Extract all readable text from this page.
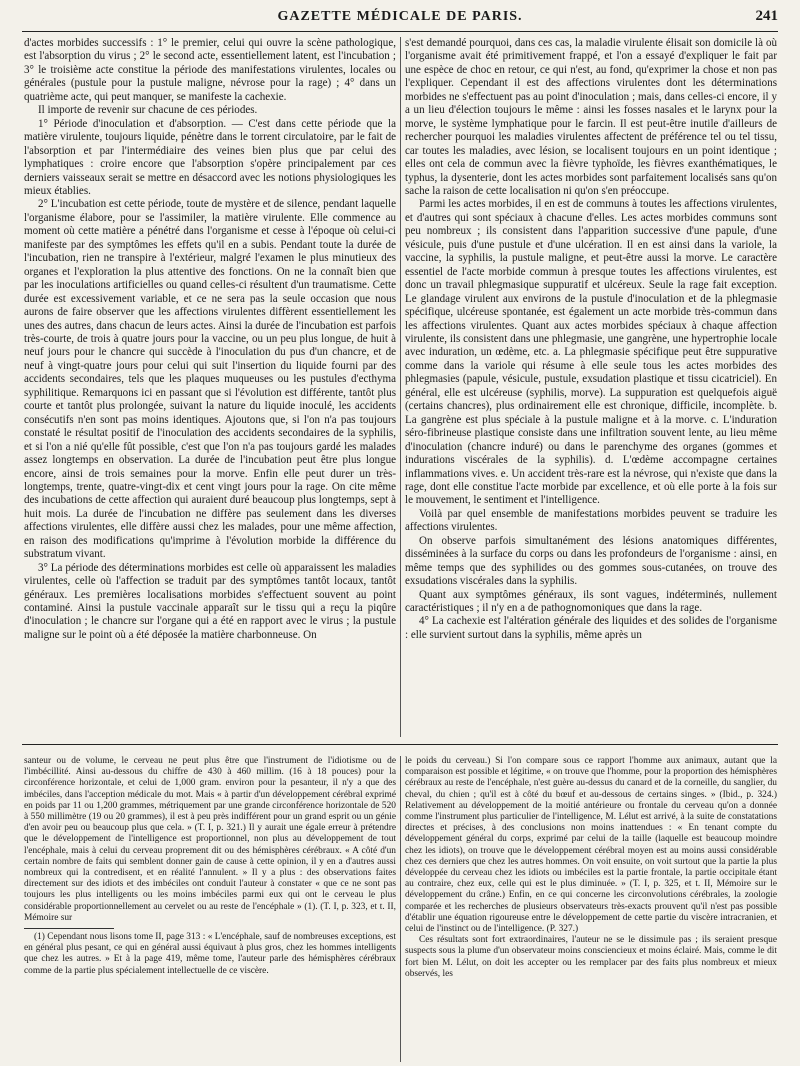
GAZETTE MÉDICALE DE PARIS.	241

d'actes morbides successifs : 1° le premier, celui qui ouvre la scène pathologique, est l'absorption du virus ; 2° le second acte, essentiellement latent, est l'incubation ; 3° le troisième acte constitue la période des manifestations virulentes, locales ou générales (pustule pour la pustule maligne, névrose pour la rage) ; 4° dans un quatrième acte, qui peut manquer, se manifeste la cachexie.

Il importe de revenir sur chacune de ces périodes.

1° Période d'inoculation et d'absorption. — C'est dans cette période que la matière virulente, toujours liquide, pénètre dans le torrent circulatoire, par le fait de l'absorption et par l'intermédiaire des veines bien plus que par celui des lymphatiques : croire encore que l'absorption s'opère principalement par ces derniers vaisseaux serait se mettre en désaccord avec les notions physiologiques les mieux établies.

2° L'incubation est cette période, toute de mystère et de silence, pendant laquelle l'organisme élabore, pour se l'assimiler, la matière virulente. Elle commence au moment où cette matière a pénétré dans l'organisme et cesse à l'époque où celui-ci manifeste par des symptômes les effets qu'il en a subis. Pendant toute la durée de l'incubation, rien ne transpire à l'extérieur, malgré l'examen le plus minutieux des organes et l'exploration la plus attentive des fonctions. On ne la connaît bien que par les inoculations artificielles ou quand celles-ci résultent d'un traumatisme. Cette durée est excessivement variable, et ce ne sera pas la seule occasion que nous aurons de faire observer que les affections virulentes diffèrent essentiellement les unes des autres, dans chacun de leurs actes. Ainsi la durée de l'incubation est parfois très-courte, de trois à quatre jours pour la vaccine, ou un peu plus longue, de huit à neuf jours pour le chancre qui succède à l'inoculation du pus d'un chancre, et de neuf à vingt-quatre jours pour celui qui suit l'insertion du liquide fourni par des accidents secondaires, tels que les plaques muqueuses ou les pustules d'ecthyma syphilitique. Remarquons ici en passant que si l'évolution est différente, tantôt plus courte et tantôt plus prolongée, suivant la nature du liquide inoculé, les accidents consécutifs n'en sont pas moins identiques. Ajoutons que, si l'on n'a pas toujours constaté le résultat positif de l'inoculation des accidents secondaires de la syphilis, et si l'on a nié qu'elle fût possible, c'est que l'on n'a pas toujours gardé les malades assez longtemps en observation. La durée de l'incubation peut être plus longue encore, ainsi de trois semaines pour la morve. Enfin elle peut durer un très-longtemps, trente, quatre-vingt-dix et cent vingt jours pour la rage. On cite même des incubations de cette affection qui auraient duré beaucoup plus longtemps, sept à huit mois. La durée de l'incubation ne diffère pas seulement dans les diverses affections virulentes, elle diffère aussi chez les malades, pour une même affection, en raison des modifications qu'imprime à l'évolution morbide la différence du substratum vivant.

3° La période des déterminations morbides est celle où apparaissent les maladies virulentes, celle où l'affection se traduit par des symptômes tantôt locaux, tantôt généraux. Les premières localisations morbides s'effectuent souvent au point contaminé. Ainsi la pustule vaccinale apparaît sur le tissu qui a reçu la piqûre d'inoculation ; le chancre sur l'organe qui a été en rapport avec le virus ; la pustule maligne sur le point où a été déposée la matière charbonneuse. On

s'est demandé pourquoi, dans ces cas, la maladie virulente élisait son domicile là où l'organisme avait été primitivement frappé, et l'on a essayé d'expliquer le fait par une espèce de choc en retour, ce qui n'est, au fond, qu'exprimer la chose et non pas l'expliquer. Cependant il est des affections virulentes dont les déterminations morbides ne s'effectuent pas au point d'inoculation ; mais, dans celles-ci encore, il y a un lieu d'élection toujours le même : ainsi les fosses nasales et le larynx pour la morve, le système lymphatique pour le farcin. Il est peut-être inutile d'ailleurs de rechercher pourquoi les maladies virulentes affectent de préférence tel ou tel tissu, car toutes les maladies, avec lésion, se localisent toujours en un point identique ; elles ont cela de commun avec la fièvre typhoïde, les fièvres exanthématiques, le typhus, la dysenterie, dont les actes morbides sont parfaitement localisés sans qu'on sache la raison de cette localisation ni qu'on s'en préoccupe.

Parmi les actes morbides, il en est de communs à toutes les affections virulentes, et d'autres qui sont spéciaux à chacune d'elles. Les actes morbides communs sont peu nombreux ; ils consistent dans l'apparition successive d'une papule, d'une vésicule, puis d'une pustule et d'une ulcération. Il en est ainsi dans la variole, la vaccine, la syphilis, la pustule maligne, et peut-être aussi la morve. Le caractère essentiel de l'acte morbide commun à presque toutes les affections virulentes, est donc un travail phlegmasique suppuratif et ulcéreux. Seule la rage fait exception. Le glandage virulent aux environs de la pustule d'inoculation et de la phlegmasie spécifique, ulcéreuse spontanée, est également un acte morbide très-commun dans les affections virulentes. Quant aux actes morbides spéciaux à chaque affection virulente, ils consistent dans une phlegmasie, une gangrène, une hypertrophie locale avec induration, un œdème, etc. a. La phlegmasie spécifique peut être suppurative comme dans la variole qui résume à elle seule tous les actes morbides des phlegmasies (papule, vésicule, pustule, exsudation plastique et tissu cicatriciel). En général, elle est ulcéreuse (syphilis, morve). La suppuration est quelquefois aiguë (certains chancres), plus ordinairement elle est chronique, difficile, incomplète. b. La gangrène est plus spéciale à la pustule maligne et à la morve. c. L'induration séro-fibrineuse plastique consiste dans une infiltration souvent lente, au lieu même d'inoculation (chancre induré) ou dans le parenchyme des organes (gommes et indurations viscérales de la syphilis). d. L'œdème accompagne certaines inflammations vives. e. Un accident très-rare est la névrose, qui n'existe que dans la rage, dont elle constitue l'acte morbide par excellence, et où elle porte à la fois sur le mouvement, le sentiment et l'intelligence.

Voilà par quel ensemble de manifestations morbides peuvent se traduire les affections virulentes.

On observe parfois simultanément des lésions anatomiques différentes, disséminées à la surface du corps ou dans les profondeurs de l'organisme : ainsi, en même temps que des syphilides ou des gommes sous-cutanées, on trouve des exsudations viscérales dans la syphilis.

Quant aux symptômes généraux, ils sont vagues, indéterminés, nullement caractéristiques ; il n'y en a de pathognomoniques que dans la rage.

4° La cachexie est l'altération générale des liquides et des solides de l'organisme : elle survient surtout dans la syphilis, même après un

santeur ou de volume, le cerveau ne peut plus être que l'instrument de l'idiotisme ou de l'imbécillité. Ainsi au-dessous du chiffre de 430 à 460 millim. (16 à 18 pouces) pour la circonférence horizontale, et celui de 1,000 gram. environ pour la pesanteur, il n'y a que des imbéciles, dans l'acception médicale du mot. Mais « à partir d'un développement cérébral exprimé en poids par 11 ou 1,200 grammes, métriquement par une grande circonférence horizontale de 520 à 550 millimètre (19 ou 20 grammes), il est à peu près indifférent pour un grand esprit ou un génie d'en avoir peu ou beaucoup plus que cela. » (T. I, p. 321.) Il y aurait une égale erreur à prétendre que le développement de l'intelligence est proportionnel, non plus au développement de tout l'encéphale, mais à celui du cerveau proprement dit ou des hémisphères cérébraux. « A côté d'un certain nombre de faits qui semblent donner gain de cause à cette opinion, il y en a d'autres aussi nombreux qui la contredisent, et en réalité l'annulent. » Il y a plus : des observations faites directement sur des idiots et des imbéciles ont conduit l'auteur à constater « que ce ne sont pas toujours les plus intelligents ou les moins imbéciles parmi eux qui ont le cerveau le plus considérable proportionnellement au cervelet ou au reste de l'encéphale » (1). (T. I, p. 323, et t. II, Mémoire sur

(1) Cependant nous lisons tome II, page 313 : « L'encéphale, sauf de nombreuses exceptions, est en général plus pesant, ce qui en général aussi équivaut à plus gros, chez les hommes intelligents que chez les autres. » Et à la page 419, même tome, l'auteur parle des hémisphères cérébraux comme de la partie plus spécialement intellectuelle de ce viscère.

le poids du cerveau.) Si l'on compare sous ce rapport l'homme aux animaux, autant que la comparaison est possible et légitime, « on trouve que l'homme, pour la proportion des hémisphères cérébraux au reste de l'encéphale, n'est guère au-dessus du canard et de la corneille, du sanglier, du cheval, du chien ; qu'il est à côté du bœuf et au-dessous de certains singes. » (Ibid., p. 324.) Relativement au développement de la moitié antérieure ou frontale du cerveau qu'on a donnée comme l'instrument plus particulier de l'intelligence, M. Lélut est arrivé, à la suite de constatations directes et précises, à des conclusions non moins inattendues : « En tenant compte du développement général du corps, exprimé par celui de la taille (laquelle est beaucoup moindre chez les idiots), on trouve que le développement cérébral moyen est au moins aussi considérable chez ces derniers que chez les autres hommes. On voit ensuite, on voit surtout que la partie la plus développée du cerveau chez les idiots ou imbéciles est la partie frontale, la partie occipitale étant au contraire, chez eux, celle qui est le plus diminuée. » (T. I, p. 325, et t. II, Mémoire sur le développement du crâne.) Enfin, en ce qui concerne les circonvolutions cérébrales, la zoologie comparée et les recherches de plusieurs observateurs très-exacts prouvent qu'il n'est pas possible d'établir une équation rigoureuse entre le développement de cette partie du viscère intracranien, et celui de l'instinct ou de l'intelligence. (P. 327.)

Ces résultats sont fort extraordinaires, l'auteur ne se le dissimule pas ; ils seraient presque suspects sous la plume d'un observateur moins consciencieux et moins éclairé. Mais, comme le dit fort bien M. Lélut, on doit les accepter ou les remplacer par des faits plus nombreux et mieux observés, les
